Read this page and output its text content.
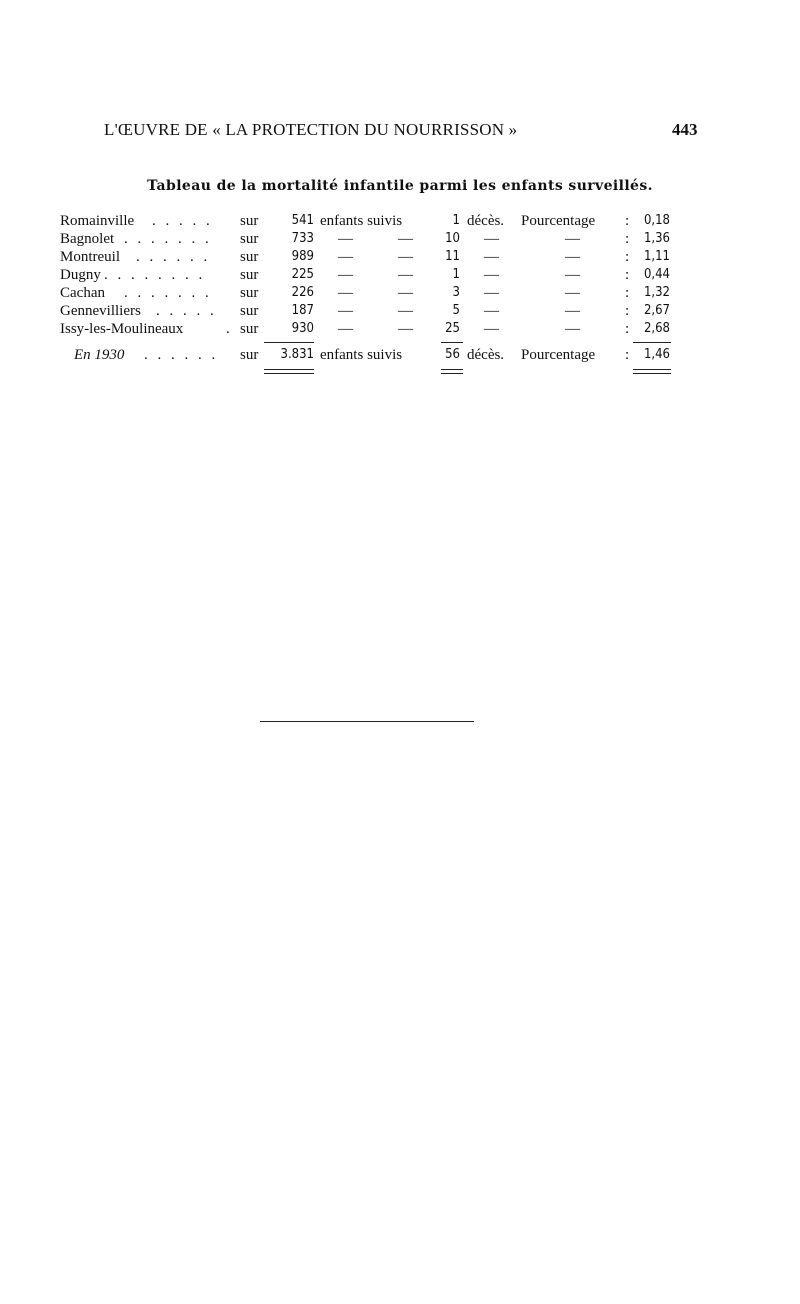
L'ŒUVRE DE « LA PROTECTION DU NOURRISSON »	443
Tableau de la mortalité infantile parmi les enfants surveillés.
Romainville . . . . . sur	541 enfants suivis	1 décès. Pourcentage :	0,18
Bagnolet . . . . . . . sur	733 —	—	10 —	—	:	1,36
Montreuil . . . . . . sur	989 —	—	11 —	—	:	1,11
Dugny . . . . . . . . sur	225 —	—	1 —	—	:	0,44
Cachan . . . . . . . sur	226 —	—	3 —	—	:	1,32
Gennevilliers . . . . . sur	187 —	—	5 —	—	:	2,67
Issy-les-Moulineaux	. sur	930 —	—	25 —	—	:	2,68
En 1930 . . . . . . sur	3.831 enfants suivis	56 décès. Pourcentage :	1,46
